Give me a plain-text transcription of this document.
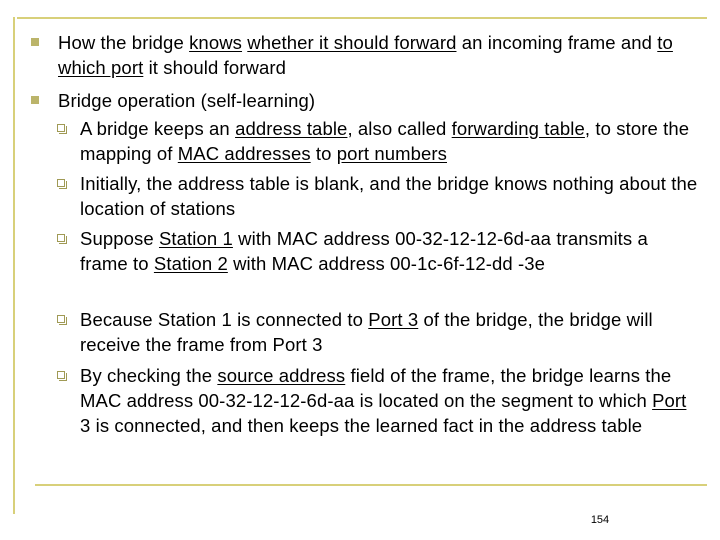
How the bridge knows whether it should forward an incoming frame and to which port it should forward
Bridge operation (self-learning)
A bridge keeps an address table, also called forwarding table, to store the mapping of MAC addresses to port numbers
Initially, the address table is blank, and the bridge knows nothing about the location of stations
Suppose Station 1 with MAC address 00-32-12-12-6d-aa transmits a frame to Station 2 with MAC address 00-1c-6f-12-dd -3e
Because Station 1 is connected to Port 3 of the bridge, the bridge will receive the frame from Port 3
By checking the source address field of the frame, the bridge learns the MAC address 00-32-12-12-6d-aa is located on the segment to which Port 3 is connected, and then keeps the learned fact in the address table
154
